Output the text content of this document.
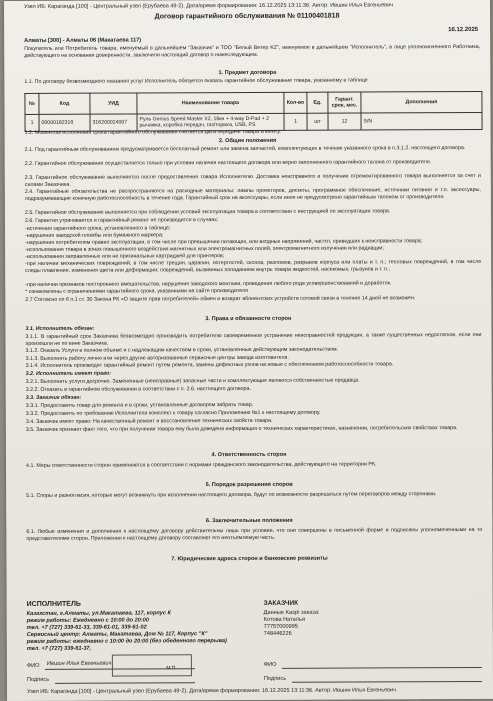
Узел ИБ: Караганда [100] - Центральный узел (Ерубаева 49-2). Дата/время формирования: 16.12.2025 13:11:36. Автор: Ившин Илья Евгеньевич
Договор гарантийного обслуживания № 01100401818
16.12.2025
Алматы [300] - Алматы 06 (Макатаева 117)

Покупатель или Потребитель товара, именуемый в дальнейшем "Заказчик" и ТОО "Белый Ветер KZ", именуемое в дальнейшем "Исполнитель", в лице уполномоченного Работника, действующего на основании доверенности, заключили настоящий договор о нижеследующем.

1. Предмет договора

1.1. По договору безвозмездного оказания услуг Исполнитель обязуется оказать гарантийное обслуживание товара, указанному в таблице

№	Код	УИД	Наименование товара	Кол-во	Ед.	Гарант. срок, мес.	Дополнения
1	0000018231б	316200024007	Руль Genius Speed Master X2, 16кн + 4-way D-Pad + 2 рычажка, коробка передач, газ/тормоз, USB, PS	1	шт	12	S/N

1.2. Моментом исполнения срока гарантийного обслуживания считается дата передачи товара клиенту.

2. Общие положения

2.1. Под гарантийным обслуживанием предусматривается бесплатный ремонт или замена запчастей, комплектующих в течение указанного срока в п.3.1.2. настоящего договора.

2.2. Гарантийное обслуживание осуществляется только при условии наличия настоящего договора или верно заполненного гарантийного талона от производителя.

2.3. Гарантийное обслуживание выполняется после предоставления товара Исполнителю. Доставка неисправного и получение отремонтированного товара выполняется за счет и силами Заказчика.

2.4. Гарантийные обязательства не распространяются на расходные материалы: лампы проекторов, дискеты, программное обеспечение, источники питания и т.п. аксессуары, подразумевающие конечную работоспособность в течение года. Гарантийный срок на аксессуары, если иное не предусмотрено гарантийным талоном от производителя.

2.5. Гарантийное обслуживание выполняется при соблюдении условий эксплуатации товара в соответствии с инструкцией по эксплуатации товара.

2.6. Гарантия утрачивается и гарантийный ремонт не производится в случаях:

-истечения гарантийного срока, установленного в таблице;

-нарушения заводской пломбы или бумажного маркера;

-нарушения потребителем правил эксплуатации, в том числе при превышении питающих, или входных напряжений, частот, приведших к неисправности товара;

-использования товара в зонах повышенного воздействия магнитных или электромагнитных полей, электромагнитного излучения или радиации;

-использования заправленных или не оригинальных картриджей для принтеров;

-при наличии механических повреждений, в том числе трещин, царапин, потертостей, сколов, разломов, разрывов корпуса или платы и т. п.; тепловых повреждений, в том числе следы плавления, изменения цвета или деформации; повреждений, вызванных попаданием внутрь товара жидкостей, насекомых, грызунов и т. п.;

-при наличии признаков постороннего вмешательства, нарушения заводского монтажа, проведения любого рода усовершенствований и доработок.

* ознакомлены с ограничениями гарантийного срока, указанными на сайте производителя

2.7 Согласно пп 6 п.1 ст. 30 Закона РК «О защите прав потребителей» обмен и возврат абонентских устройств сотовой связи в течение 14 дней не возможен.

3. Права и обязанности сторон

3.1. Исполнитель обязан:

3.1.1. В гарантийный срок Заказчика безвозмездно производить потребителю своевременное устранение неисправностей продукции, а также существенных недостатков, если они произошли не по вине Заказчика.

3.1.2. Оказать Услуги в полном объеме и с надлежащим качеством в сроки, установленные действующим законодательством.

3.1.3. Выполнять работу лично или через другие авторизованные сервисные центры завода изготовителя.

3.1.4. Исполнитель производит гарантийный ремонт путем ремонта, замены дефектных узлов на новые с обеспечением работоспособности товара.

3.2. Исполнитель имеет право:

3.2.1. Выполнить услуги досрочно. Замененные (неисправные) запасные части и комплектующие являются собственностью продавца.

3.2.2. Отказать в гарантийном обслуживании в соответствии с п. 2.6. настоящего договора.

3.3. Заказчик обязан:

3.3.1. Предоставить товар для ремонта и в сроки, установленные договором забрать товар.

3.3.2. Предоставить по требованию Исполнителя комплект к товару согласно Приложению №1 к настоящему договору.

3.4. Заказчик имеет право: На качественный ремонт и восстановление технических свойств товара.

3.5. Заказчик признает факт того, что при получении товара ему была доведена информация о технических характеристиках, назначении, потребительских свойствах товара.

4. Ответственность сторон

4.1. Меры ответственности сторон применяются в соответствии с нормами гражданского законодательства, действующего на территории РК.

5. Порядок разрешения споров

5.1. Споры и разногласия, которые могут возникнуть при исполнении настоящего договора, будут по возможности разрешаться путем переговоров между сторонами.

6. Заключительные положения

6.1. Любые изменения и дополнения к настоящему договору действительны лишь при условии, что они совершены в письменной форме и подписаны уполномоченными на то представителями сторон. Приложения к настоящему договору составляют его неотъемлемую часть.

7. Юридические адреса сторон и банковские реквизиты
ИСПОЛНИТЕЛЬ	ЗАКАЗЧИК
Казахстан, г.Алматы, ул.Макатаева, 117, корпус К
режим работы: Ежедневно с 10:00 до 20:00
тел. +7 (727) 339-61-33, 339-61-01, 339-61-02
Сервисный центр: Алматы, Макатаева, Дом № 117, Корпус "К"
режим работы: ежедневно с 10:00 до 20:00 (без обеденного перерыва)
тел. +7 (727) 339-61-37,
Данные Kaspi заказа:
Котова Наталья
77757000995
748446226
ФИО Ившин Илья Евгеньевич
Подпись
М.П.
ФИО
Подпись
Узел ИБ: Караганда [100] - Центральный узел (Ерубаева 49-2). Дата/время формирования: 16.12.2025 13:11:36. Автор: Ившин Илья Евгеньевич
